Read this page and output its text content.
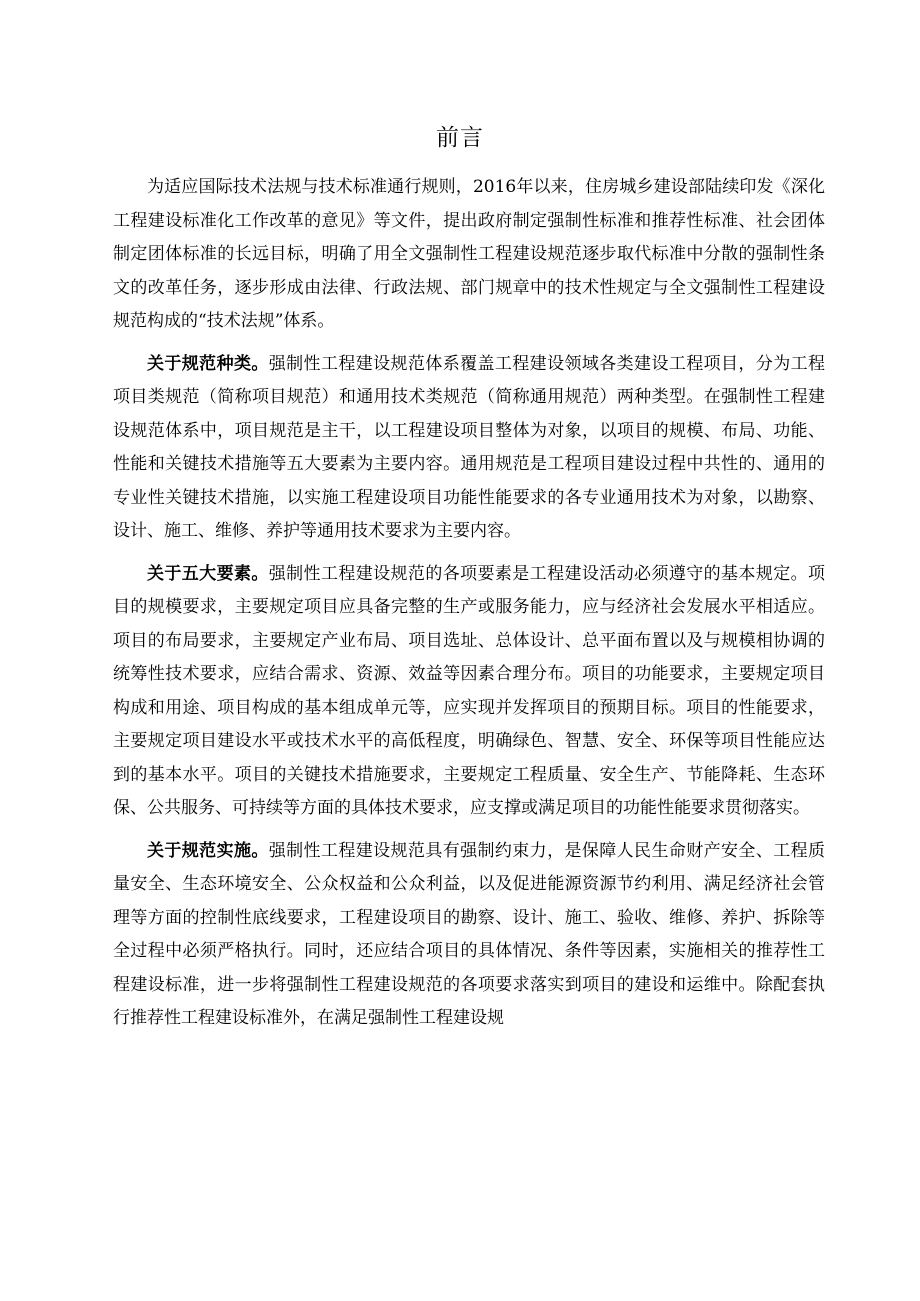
前言

为适应国际技术法规与技术标准通行规则，2016年以来，住房城乡建设部陆续印发《深化工程建设标准化工作改革的意见》等文件，提出政府制定强制性标准和推荐性标准、社会团体制定团体标准的长远目标，明确了用全文强制性工程建设规范逐步取代标准中分散的强制性条文的改革任务，逐步形成由法律、行政法规、部门规章中的技术性规定与全文强制性工程建设规范构成的“技术法规”体系。

关于规范种类。强制性工程建设规范体系覆盖工程建设领域各类建设工程项目，分为工程项目类规范（简称项目规范）和通用技术类规范（简称通用规范）两种类型。在强制性工程建设规范体系中，项目规范是主干，以工程建设项目整体为对象，以项目的规模、布局、功能、性能和关键技术措施等五大要素为主要内容。通用规范是工程项目建设过程中共性的、通用的专业性关键技术措施，以实施工程建设项目功能性能要求的各专业通用技术为对象，以勘察、设计、施工、维修、养护等通用技术要求为主要内容。

关于五大要素。强制性工程建设规范的各项要素是工程建设活动必须遵守的基本规定。项目的规模要求，主要规定项目应具备完整的生产或服务能力，应与经济社会发展水平相适应。项目的布局要求，主要规定产业布局、项目选址、总体设计、总平面布置以及与规模相协调的统筹性技术要求，应结合需求、资源、效益等因素合理分布。项目的功能要求，主要规定项目构成和用途、项目构成的基本组成单元等，应实现并发挥项目的预期目标。项目的性能要求，主要规定项目建设水平或技术水平的高低程度，明确绿色、智慧、安全、环保等项目性能应达到的基本水平。项目的关键技术措施要求，主要规定工程质量、安全生产、节能降耗、生态环保、公共服务、可持续等方面的具体技术要求，应支撑或满足项目的功能性能要求贯彻落实。

关于规范实施。强制性工程建设规范具有强制约束力，是保障人民生命财产安全、工程质量安全、生态环境安全、公众权益和公众利益，以及促进能源资源节约利用、满足经济社会管理等方面的控制性底线要求，工程建设项目的勘察、设计、施工、验收、维修、养护、拆除等全过程中必须严格执行。同时，还应结合项目的具体情况、条件等因素，实施相关的推荐性工程建设标准，进一步将强制性工程建设规范的各项要求落实到项目的建设和运维中。除配套执行推荐性工程建设标准外，在满足强制性工程建设规
